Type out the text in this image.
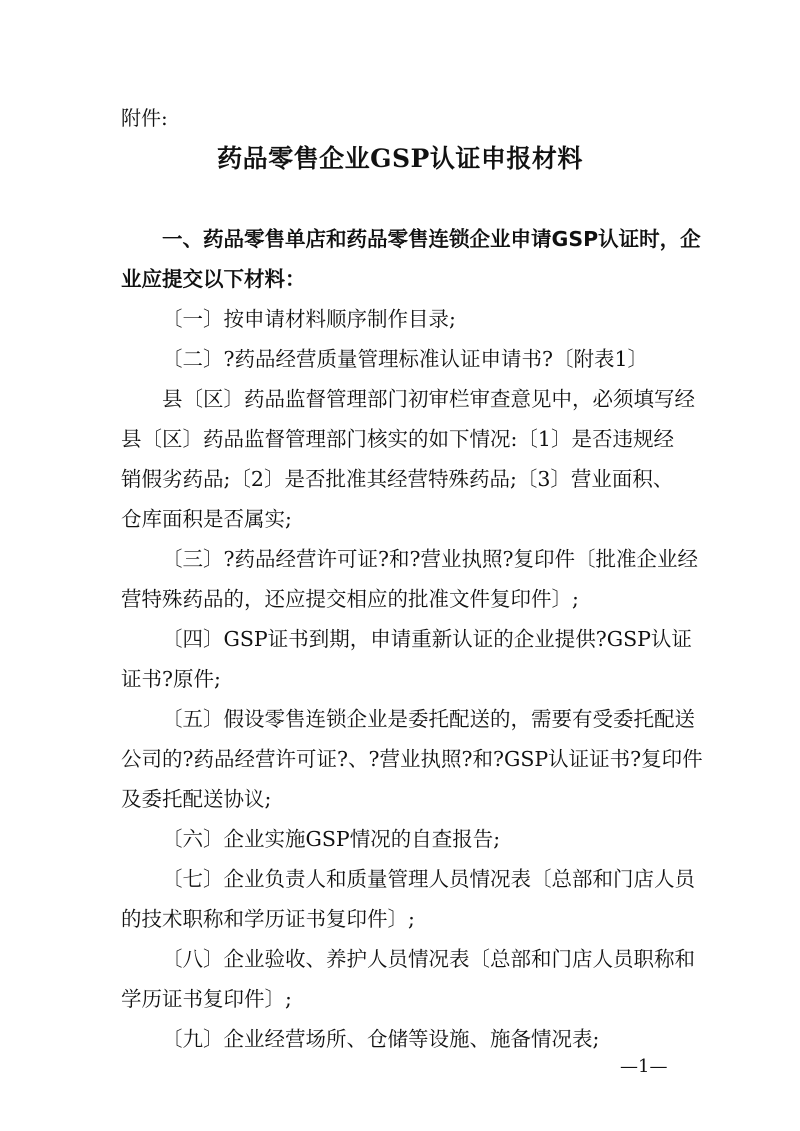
附件:
药品零售企业GSP认证申报材料
一、药品零售单店和药品零售连锁企业申请GSP认证时，企
业应提交以下材料：
〔一〕按申请材料顺序制作目录;
〔二〕?药品经营质量管理标准认证申请书?〔附表1〕
县〔区〕药品监督管理部门初审栏审查意见中，必须填写经
县〔区〕药品监督管理部门核实的如下情况:〔1〕是否违规经
销假劣药品;〔2〕是否批准其经营特殊药品;〔3〕营业面积、
仓库面积是否属实;
〔三〕?药品经营许可证?和?营业执照?复印件〔批准企业经
营特殊药品的，还应提交相应的批准文件复印件〕;
〔四〕GSP证书到期，申请重新认证的企业提供?GSP认证
证书?原件;
〔五〕假设零售连锁企业是委托配送的，需要有受委托配送
公司的?药品经营许可证?、?营业执照?和?GSP认证证书?复印件
及委托配送协议;
〔六〕企业实施GSP情况的自查报告;
〔七〕企业负责人和质量管理人员情况表〔总部和门店人员
的技术职称和学历证书复印件〕;
〔八〕企业验收、养护人员情况表〔总部和门店人员职称和
学历证书复印件〕;
〔九〕企业经营场所、仓储等设施、施备情况表;
—1—
